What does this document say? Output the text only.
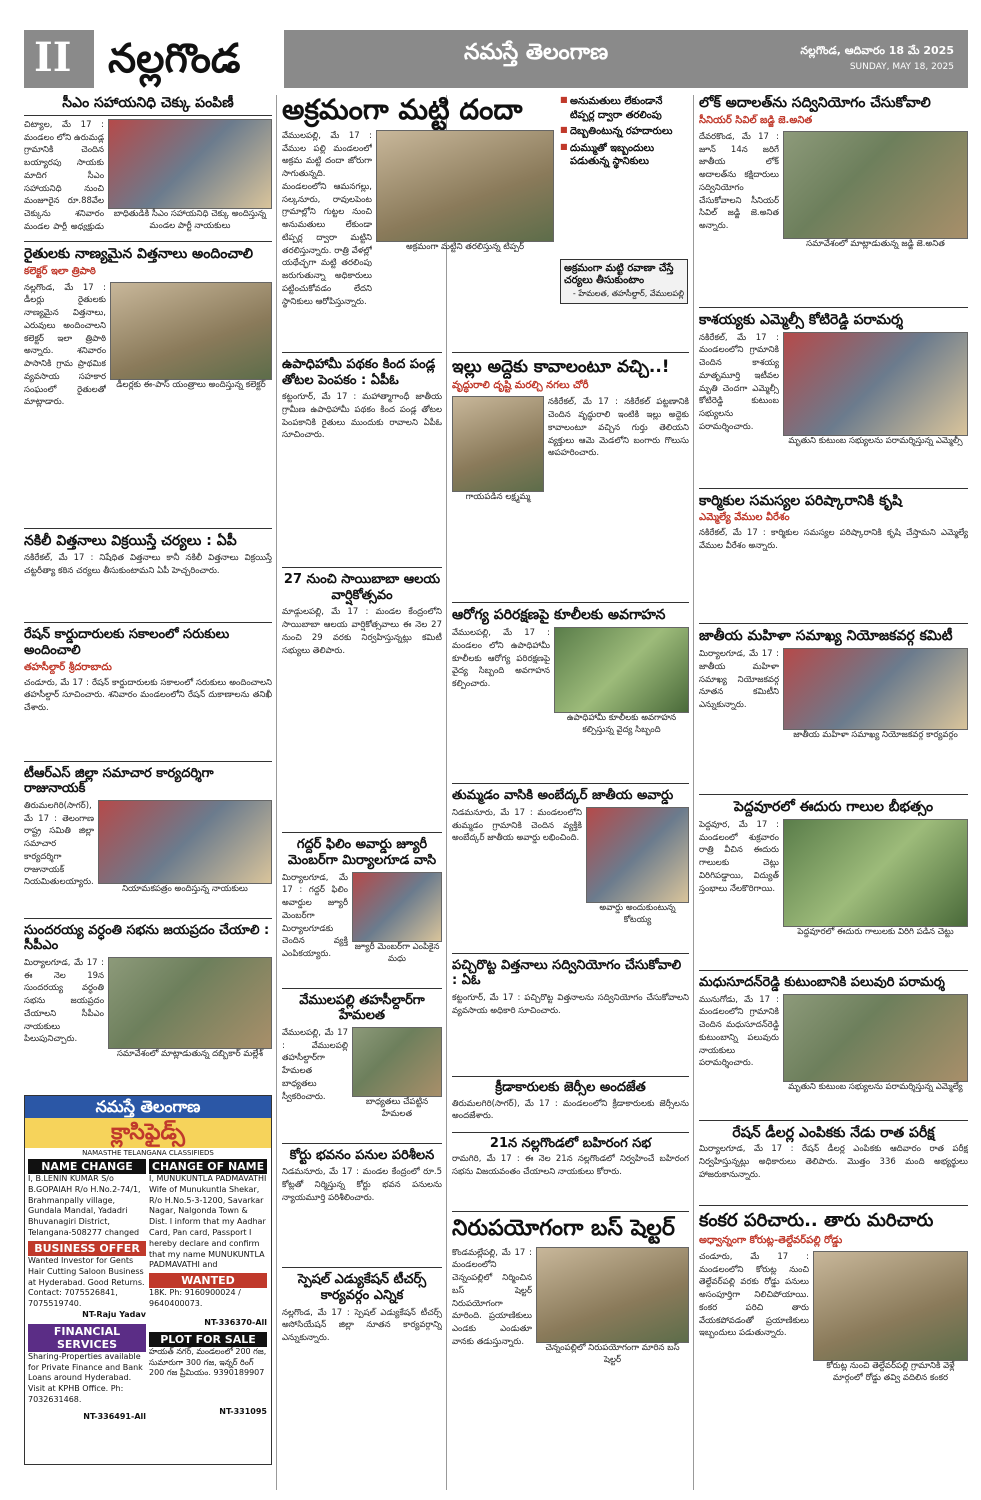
II నల్లగొండ	నమస్తే తెలంగాణ	నల్లగొండ, ఆదివారం 18 మే 2025
SUNDAY, MAY 18, 2025
సీఎం సహాయనిధి చెక్కు పంపిణీ
చిట్యాల, మే 17 : మండలం లోని ఉరుమడ్ల గ్రామానికి చెందిన బయ్యారపు సాయకు మాదిగ సీఎం సహాయనిధి నుంచి మంజూరైన రూ.88వేల చెక్కును శనివారం మండల పార్టీ అధ్యక్షుడు
బాధితుడికి సీఎం సహాయనిధి చెక్కు అందిస్తున్న మండల పార్టీ నాయకులు
రైతులకు నాణ్యమైన విత్తనాలు అందించాలి
కలెక్టర్ ఇలా త్రిపాఠి
నల్లగొండ, మే 17 : డీలర్లు రైతులకు నాణ్యమైన విత్తనాలు, ఎరువులు అందించాలని కలెక్టర్ ఇలా త్రిపాఠి అన్నారు. శనివారం పాసానికి గ్రామ ప్రాథమిక వ్యవసాయ సహకార సంఘంలో రైతులతో మాట్లాడారు.
డీలర్లకు ఈ-పాస్ యంత్రాలు అందిస్తున్న కలెక్టర్
నకిలీ విత్తనాలు విక్రయిస్తే చర్యలు : ఏపీ
నకిరేకల్, మే 17 : నిషేధిత విత్తనాలు కానీ నకిలీ విత్తనాలు విక్రయిస్తే చట్టరీత్యా కఠిన చర్యలు తీసుకుంటామని ఏపీ హెచ్చరించారు.
రేషన్ కార్డుదారులకు సకాలంలో సరుకులు అందించాలి
తహసీల్దార్ శ్రీదరాబాదు
చండూరు, మే 17 : రేషన్ కార్డుదారులకు సకాలంలో సరుకులు అందించాలని తహసీల్దార్ సూచించారు. శనివారం మండలంలోని రేషన్ దుకాణాలను తనిఖీ చేశారు.
టీఆర్‌ఎస్‌ జిల్లా సమాచార కార్యదర్శిగా రాజునాయక్
తిరుమలగిరి(సాగర్), మే 17 : తెలంగాణ రాష్ట్ర సమితి జిల్లా సమాచార కార్యదర్శిగా రాజునాయక్ నియమితులయ్యారు.
నియామకపత్రం అందిస్తున్న నాయకులు
సుందరయ్య వర్ధంతి సభను జయప్రదం చేయాలి : సీపీఎం
మిర్యాలగూడ, మే 17 : ఈ నెల 19న సుందరయ్య వర్ధంతి సభను జయప్రదం చేయాలని సీపీఎం నాయకులు పిలుపునిచ్చారు.
సమావేశంలో మాట్లాడుతున్న దబ్బికార్ మల్లేశ్
నమస్తే తెలంగాణ
క్లాసిఫైడ్స్
NAMASTHE TELANGANA CLASSIFIEDS
NAME CHANGE
I, B.LENIN KUMAR S/o B.GOPAIAH R/o H.No.2-74/1, Brahmanpally village, Gundala Mandal, Yadadri Bhuvanagiri District, Telangana-508277 changed
BUSINESS OFFER
Wanted Investor for Gents Hair Cutting Saloon Business at Hyderabad. Good Returns. Contact: 7075526841, 7075519740.
NT-Raju Yadav
FINANCIAL SERVICES
Sharing-Properties available for Private Finance and Bank Loans around Hyderabad. Visit at KPHB Office. Ph: 7032631468.
NT-336491-All
CHANGE OF NAME
I, MUNUKUNTLA PADMAVATHI Wife of Munukuntla Shekar, R/o H.No.5-3-1200, Savarkar Nagar, Nalgonda Town & Dist. I inform that my Aadhar Card, Pan card, Passport I hereby declare and confirm that my name MUNUKUNTLA PADMAVATHI and
WANTED
18K. Ph: 9160900024 / 9640400073.
NT-336370-All
PLOT FOR SALE
హయత్ నగర్, మండలంలో 200 గజ, సుమారుగా 300 గజ, ఇన్నర్ రింగ్ 200 గజ ప్రీమియం. 9390189907
NT-331095
అక్రమంగా మట్టి దందా
వేములపల్లి, మే 17 : వేముల పల్లి మండలంలో అక్రమ మట్టి దందా జోరుగా సాగుతున్నది. మండలంలోని ఆమనగల్లు, సల్కనూరు, రావులపెంట గ్రామాల్లోని గుట్టల నుంచి అనుమతులు లేకుండా టిప్పర్ల ద్వారా మట్టిని తరలిస్తున్నారు. రాత్రి వేళల్లో యథేచ్ఛగా మట్టి తరలింపు జరుగుతున్నా అధికారులు పట్టించుకోవడం లేదని స్థానికులు ఆరోపిస్తున్నారు.
అక్రమంగా మట్టిని తరలిస్తున్న టిప్పర్
■ అనుమతులు లేకుండానే టిప్పర్ల ద్వారా తరలింపు
■ దెబ్బతింటున్న రహదారులు
■ దుమ్ముతో ఇబ్బందులు పడుతున్న స్థానికులు
అక్రమంగా మట్టి రవాణా చేస్తే చర్యలు తీసుకుంటాం
- హేమలత, తహసీల్దార్, వేములపల్లి
ఉపాధిహామీ పథకం కింద పండ్ల తోటల పెంపకం : ఏపీఓ
కట్టంగూర్, మే 17 : మహాత్మాగాంధీ జాతీయ గ్రామీణ ఉపాధిహామీ పథకం కింద పండ్ల తోటల పెంపకానికి రైతులు ముందుకు రావాలని ఏపీఓ సూచించారు.
27 నుంచి సాయిబాబా ఆలయ వార్షికోత్సవం
మాడ్గులపల్లి, మే 17 : మండల కేంద్రంలోని సాయిబాబా ఆలయ వార్షికోత్సవాలు ఈ నెల 27 నుంచి 29 వరకు నిర్వహిస్తున్నట్లు కమిటీ సభ్యులు తెలిపారు.
గద్దర్ ఫిలిం అవార్డు జ్యూరీ మెంబర్‌గా మిర్యాలగూడ వాసి
మిర్యాలగూడ, మే 17 : గద్దర్ ఫిలిం అవార్డుల జ్యూరీ మెంబర్‌గా మిర్యాలగూడకు చెందిన వ్యక్తి ఎంపికయ్యారు.
జ్యూరీ మెంబర్‌గా ఎంపికైన మధు
వేములపల్లి తహసీల్దార్‌గా హేమలత
వేములపల్లి, మే 17 : వేములపల్లి తహసీల్దార్‌గా హేమలత బాధ్యతలు స్వీకరించారు.
బాధ్యతలు చేపట్టిన హేమలత
కోర్టు భవనం పనుల పరిశీలన
నిడమనూరు, మే 17 : మండల కేంద్రంలో రూ.5 కోట్లతో నిర్మిస్తున్న కోర్టు భవన పనులను న్యాయమూర్తి పరిశీలించారు.
స్పెషల్ ఎడ్యుకేషన్ టీచర్స్ కార్యవర్గం ఎన్నిక
నల్లగొండ, మే 17 : స్పెషల్ ఎడ్యుకేషన్ టీచర్స్ అసోసియేషన్ జిల్లా నూతన కార్యవర్గాన్ని ఎన్నుకున్నారు.
ఇల్లు అద్దెకు కావాలంటూ వచ్చి..!
వృద్ధురాలి దృష్టి మరల్చి నగలు చోరీ
గాయపడిన లక్ష్మమ్మ
నకిరేకల్, మే 17 : నకిరేకల్ పట్టణానికి చెందిన వృద్ధురాలి ఇంటికి ఇల్లు అద్దెకు కావాలంటూ వచ్చిన గుర్తు తెలియని వ్యక్తులు ఆమె మెడలోని బంగారు గొలుసు అపహరించారు.
ఆరోగ్య పరిరక్షణపై కూలీలకు అవగాహన
వేములపల్లి, మే 17 : మండలం లోని ఉపాధిహామీ కూలీలకు ఆరోగ్య పరిరక్షణపై వైద్య సిబ్బంది అవగాహన కల్పించారు.
ఉపాధిహామీ కూలీలకు అవగాహన కల్పిస్తున్న వైద్య సిబ్బంది
తుమ్మడం వాసికి అంబేద్కర్ జాతీయ అవార్డు
నిడమనూరు, మే 17 : మండలంలోని తుమ్మడం గ్రామానికి చెందిన వ్యక్తికి అంబేద్కర్ జాతీయ అవార్డు లభించింది.
అవార్డు అందుకుంటున్న కోటయ్య
పచ్చిరొట్ట విత్తనాలు సద్వినియోగం చేసుకోవాలి : ఏఓ
కట్టంగూర్, మే 17 : పచ్చిరొట్ట విత్తనాలను సద్వినియోగం చేసుకోవాలని వ్యవసాయ అధికారి సూచించారు.
క్రీడాకారులకు జెర్సీల అందజేత
తిరుమలగిరి(సాగర్), మే 17 : మండలంలోని క్రీడాకారులకు జెర్సీలను అందజేశారు.
21న నల్లగొండలో బహిరంగ సభ
రామగిరి, మే 17 : ఈ నెల 21న నల్లగొండలో నిర్వహించే బహిరంగ సభను విజయవంతం చేయాలని నాయకులు కోరారు.
నిరుపయోగంగా బస్ షెల్టర్
కొండమల్లేపల్లి, మే 17 : మండలంలోని చెన్నంపల్లిలో నిర్మించిన బస్ షెల్టర్ నిరుపయోగంగా మారింది. ప్రయాణికులు ఎండకు ఎండుతూ వానకు తడుస్తున్నారు.
చెన్నంపల్లిలో నిరుపయోగంగా మారిన బస్ షెల్టర్
లోక్ అదాలత్‌ను సద్వినియోగం చేసుకోవాలి
సీనియర్ సివిల్ జడ్జి జె.అనిత
దేవరకొండ, మే 17 : జూన్ 14న జరిగే జాతీయ లోక్ అదాలత్‌ను కక్షిదారులు సద్వినియోగం చేసుకోవాలని సీనియర్ సివిల్ జడ్జి జె.అనిత అన్నారు.
సమావేశంలో మాట్లాడుతున్న జడ్జి జె.అనిత
కాశయ్యకు ఎమ్మెల్సీ కోటిరెడ్డి పరామర్శ
నకిరేకల్, మే 17 : మండలంలోని గ్రామానికి చెందిన కాశయ్య మాతృమూర్తి ఇటీవల మృతి చెందగా ఎమ్మెల్సీ కోటిరెడ్డి కుటుంబ సభ్యులను పరామర్శించారు.
మృతుని కుటుంబ సభ్యులను పరామర్శిస్తున్న ఎమ్మెల్సీ
కార్మికుల సమస్యల పరిష్కారానికి కృషి
ఎమ్మెల్యే వేముల వీరేశం
నకిరేకల్, మే 17 : కార్మికుల సమస్యల పరిష్కారానికి కృషి చేస్తామని ఎమ్మెల్యే వేముల వీరేశం అన్నారు.
జాతీయ మహిళా సమాఖ్య నియోజకవర్గ కమిటీ
మిర్యాలగూడ, మే 17 : జాతీయ మహిళా సమాఖ్య నియోజకవర్గ నూతన కమిటీని ఎన్నుకున్నారు.
జాతీయ మహిళా సమాఖ్య నియోజకవర్గ కార్యవర్గం
పెద్దవూరలో ఈదురు గాలుల బీభత్సం
పెద్దవూర, మే 17 : మండలంలో శుక్రవారం రాత్రి వీచిన ఈదురు గాలులకు చెట్లు విరిగిపడ్డాయి, విద్యుత్ స్తంభాలు నేలకొరిగాయి.
పెద్దవూరలో ఈదురు గాలులకు విరిగి పడిన చెట్టు
మధుసూదన్‌రెడ్డి కుటుంబానికి పలువురి పరామర్శ
మునుగోడు, మే 17 : మండలంలోని గ్రామానికి చెందిన మధుసూదన్‌రెడ్డి కుటుంబాన్ని పలువురు నాయకులు పరామర్శించారు.
మృతుని కుటుంబ సభ్యులను పరామర్శిస్తున్న ఎమ్మెల్యే
రేషన్ డీలర్ల ఎంపికకు నేడు రాత పరీక్ష
మిర్యాలగూడ, మే 17 : రేషన్ డీలర్ల ఎంపికకు ఆదివారం రాత పరీక్ష నిర్వహిస్తున్నట్లు అధికారులు తెలిపారు. మొత్తం 336 మంది అభ్యర్థులు హాజరుకానున్నారు.
కంకర పరిచారు.. తారు మరిచారు
అధ్వాన్నంగా కోరుట్ల-తెల్దేవర్‌పల్లి రోడ్డు
చండూరు, మే 17 : మండలంలోని కోరుట్ల నుంచి తెల్దేవర్‌పల్లి వరకు రోడ్డు పనులు అసంపూర్తిగా నిలిచిపోయాయి. కంకర పరిచి తారు వేయకపోవడంతో ప్రయాణికులు ఇబ్బందులు పడుతున్నారు.
కోరుట్ల నుంచి తెల్దేవర్‌పల్లి గ్రామానికి వెళ్లే మార్గంలో రోడ్డు తవ్వి వదిలిన కంకర
